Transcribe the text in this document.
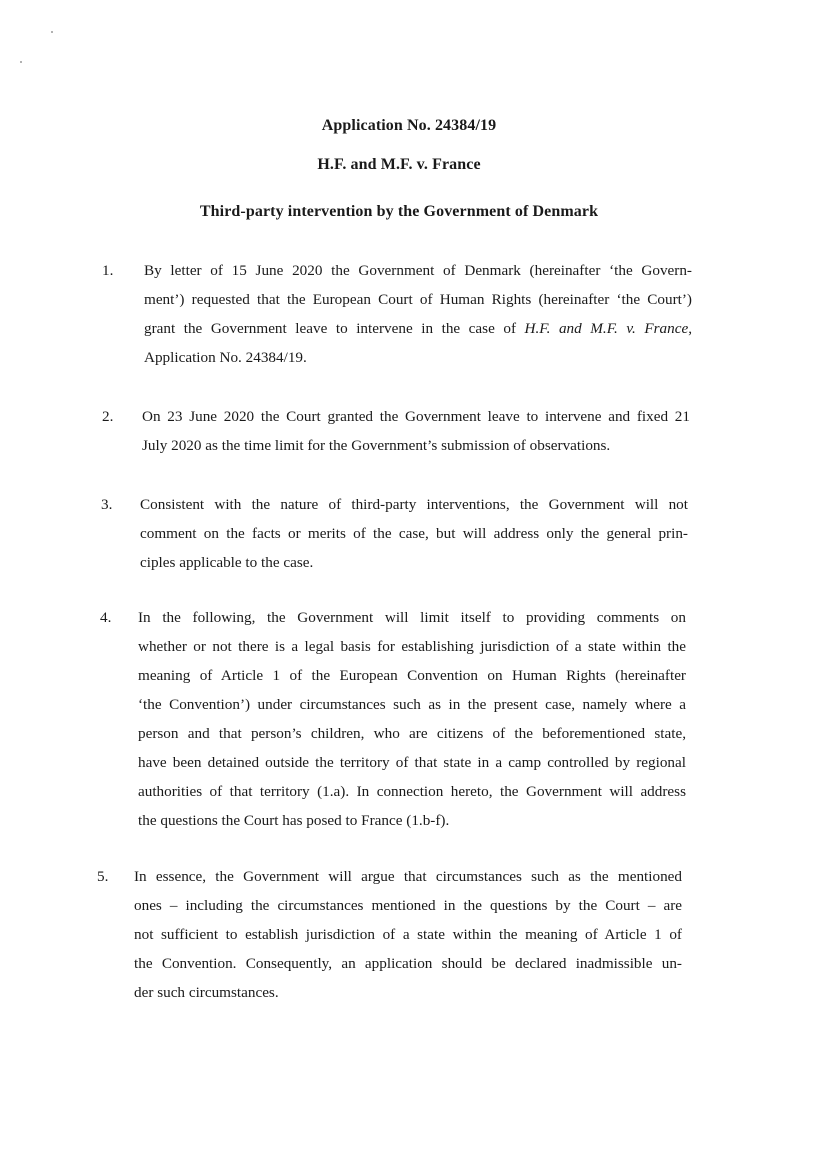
Application No. 24384/19
H.F. and M.F. v. France
Third-party intervention by the Government of Denmark
1.	By letter of 15 June 2020 the Government of Denmark (hereinafter ‘the Govern-
ment’) requested that the European Court of Human Rights (hereinafter ‘the Court’)
grant the Government leave to intervene in the case of H.F. and M.F. v. France,
Application No. 24384/19.
2.	On 23 June 2020 the Court granted the Government leave to intervene and fixed 21
July 2020 as the time limit for the Government’s submission of observations.
3.	Consistent with the nature of third-party interventions, the Government will not
comment on the facts or merits of the case, but will address only the general prin-
ciples applicable to the case.
4.	In the following, the Government will limit itself to providing comments on
whether or not there is a legal basis for establishing jurisdiction of a state within the
meaning of Article 1 of the European Convention on Human Rights (hereinafter
‘the Convention’) under circumstances such as in the present case, namely where a
person and that person’s children, who are citizens of the beforementioned state,
have been detained outside the territory of that state in a camp controlled by regional
authorities of that territory (1.a). In connection hereto, the Government will address
the questions the Court has posed to France (1.b-f).
5.	In essence, the Government will argue that circumstances such as the mentioned
ones – including the circumstances mentioned in the questions by the Court – are
not sufficient to establish jurisdiction of a state within the meaning of Article 1 of
the Convention. Consequently, an application should be declared inadmissible un-
der such circumstances.
